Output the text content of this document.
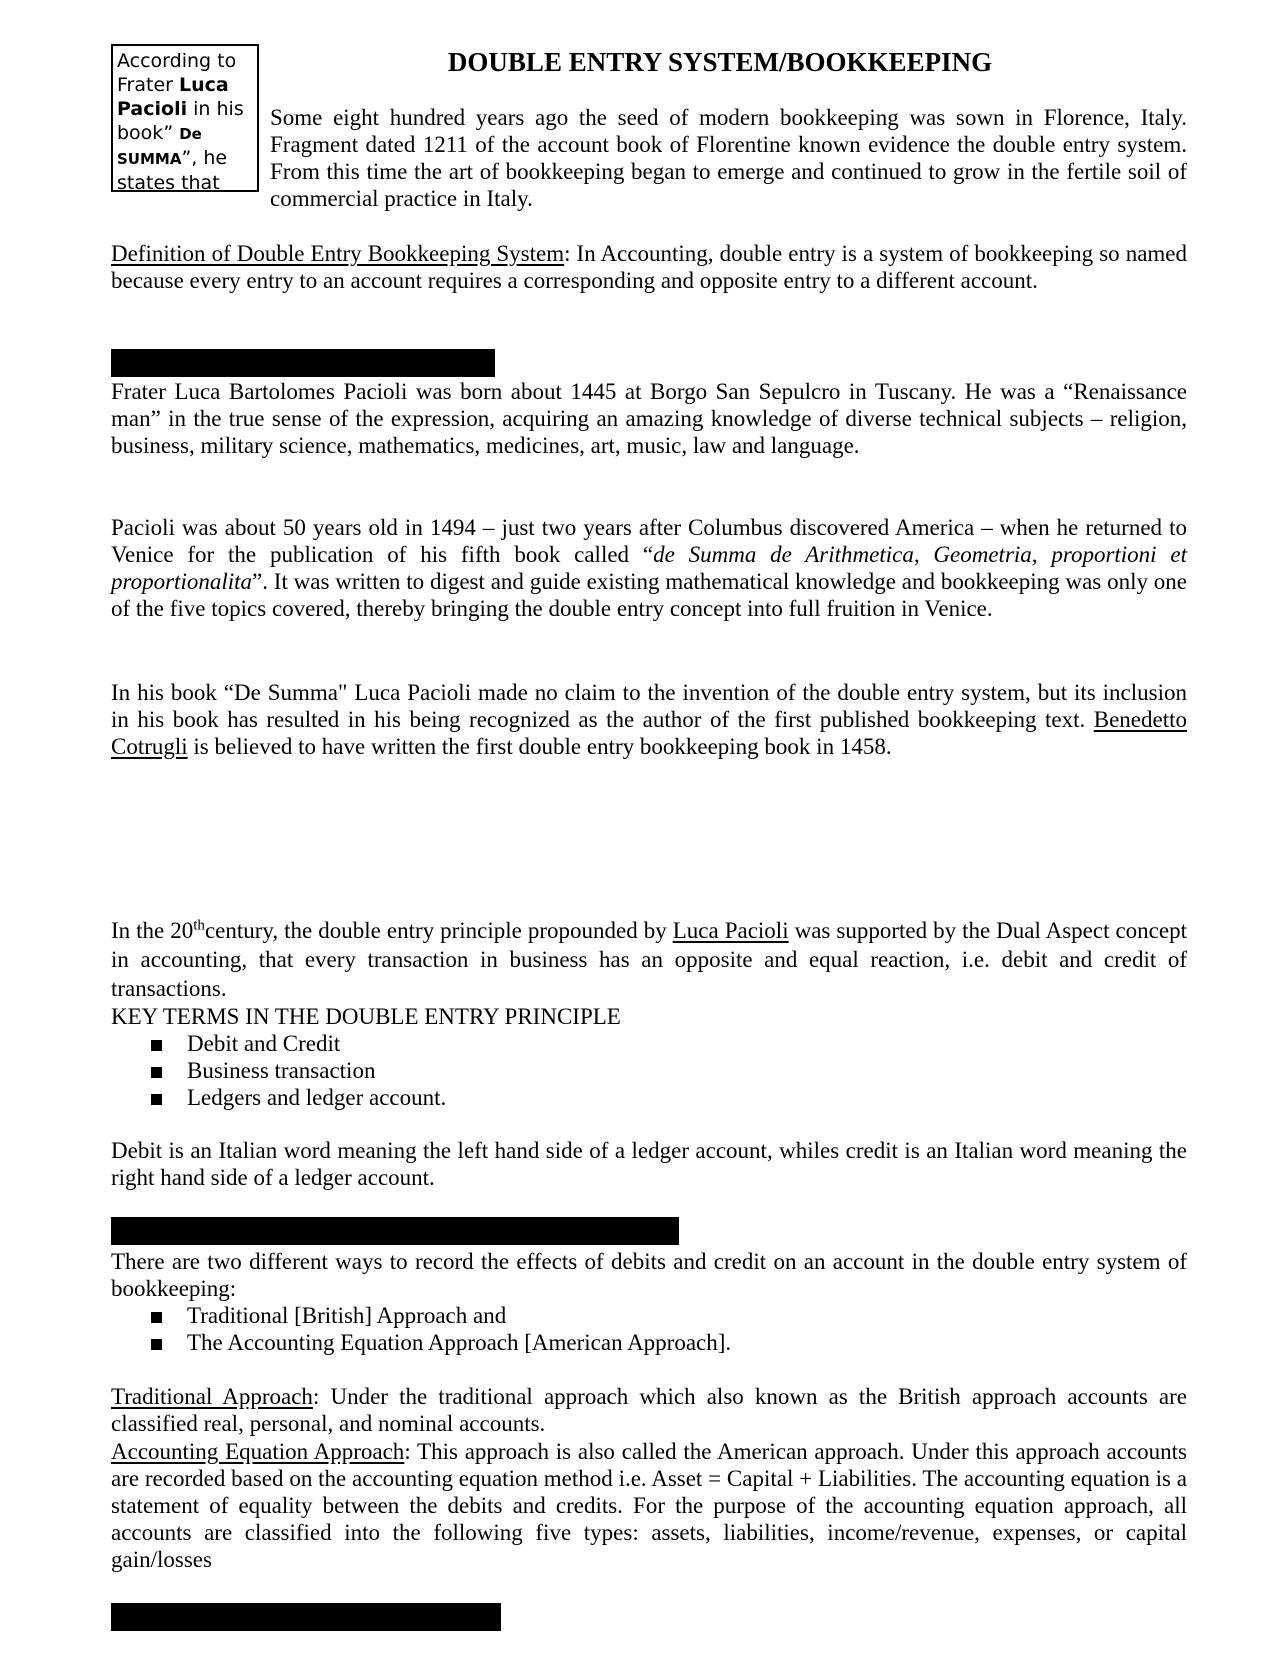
According to Frater Luca Pacioli in his book” De SUMMA”, he states that
DOUBLE ENTRY SYSTEM/BOOKKEEPING

Some eight hundred years ago the seed of modern bookkeeping was sown in Florence, Italy. Fragment dated 1211 of the account book of Florentine known evidence the double entry system. From this time the art of bookkeeping began to emerge and continued to grow in the fertile soil of commercial practice in Italy.

Definition of Double Entry Bookkeeping System: In Accounting, double entry is a system of bookkeeping so named because every entry to an account requires a corresponding and opposite entry to a different account.

Frater Luca Bartolomes Pacioli was born about 1445 at Borgo San Sepulcro in Tuscany. He was a “Renaissance man” in the true sense of the expression, acquiring an amazing knowledge of diverse technical subjects – religion, business, military science, mathematics, medicines, art, music, law and language.

Pacioli was about 50 years old in 1494 – just two years after Columbus discovered America – when he returned to Venice for the publication of his fifth book called “de Summa de Arithmetica, Geometria, proportioni et proportionalita”. It was written to digest and guide existing mathematical knowledge and bookkeeping was only one of the five topics covered, thereby bringing the double entry concept into full fruition in Venice.

In his book “De Summa" Luca Pacioli made no claim to the invention of the double entry system, but its inclusion in his book has resulted in his being recognized as the author of the first published bookkeeping text. Benedetto Cotrugli is believed to have written the first double entry bookkeeping book in 1458.

In the 20thcentury, the double entry principle propounded by Luca Pacioli was supported by the Dual Aspect concept in accounting, that every transaction in business has an opposite and equal reaction, i.e. debit and credit of transactions.

KEY TERMS IN THE DOUBLE ENTRY PRINCIPLE
Debit and Credit
Business transaction
Ledgers and ledger account.

Debit is an Italian word meaning the left hand side of a ledger account, whiles credit is an Italian word meaning the right hand side of a ledger account.

There are two different ways to record the effects of debits and credit on an account in the double entry system of bookkeeping:

Traditional [British] Approach and
The Accounting Equation Approach [American Approach].

Traditional Approach: Under the traditional approach which also known as the British approach accounts are classified real, personal, and nominal accounts.

Accounting Equation Approach: This approach is also called the American approach. Under this approach accounts are recorded based on the accounting equation method i.e. Asset = Capital + Liabilities. The accounting equation is a statement of equality between the debits and credits. For the purpose of the accounting equation approach, all accounts are classified into the following five types: assets, liabilities, income/revenue, expenses, or capital gain/losses
